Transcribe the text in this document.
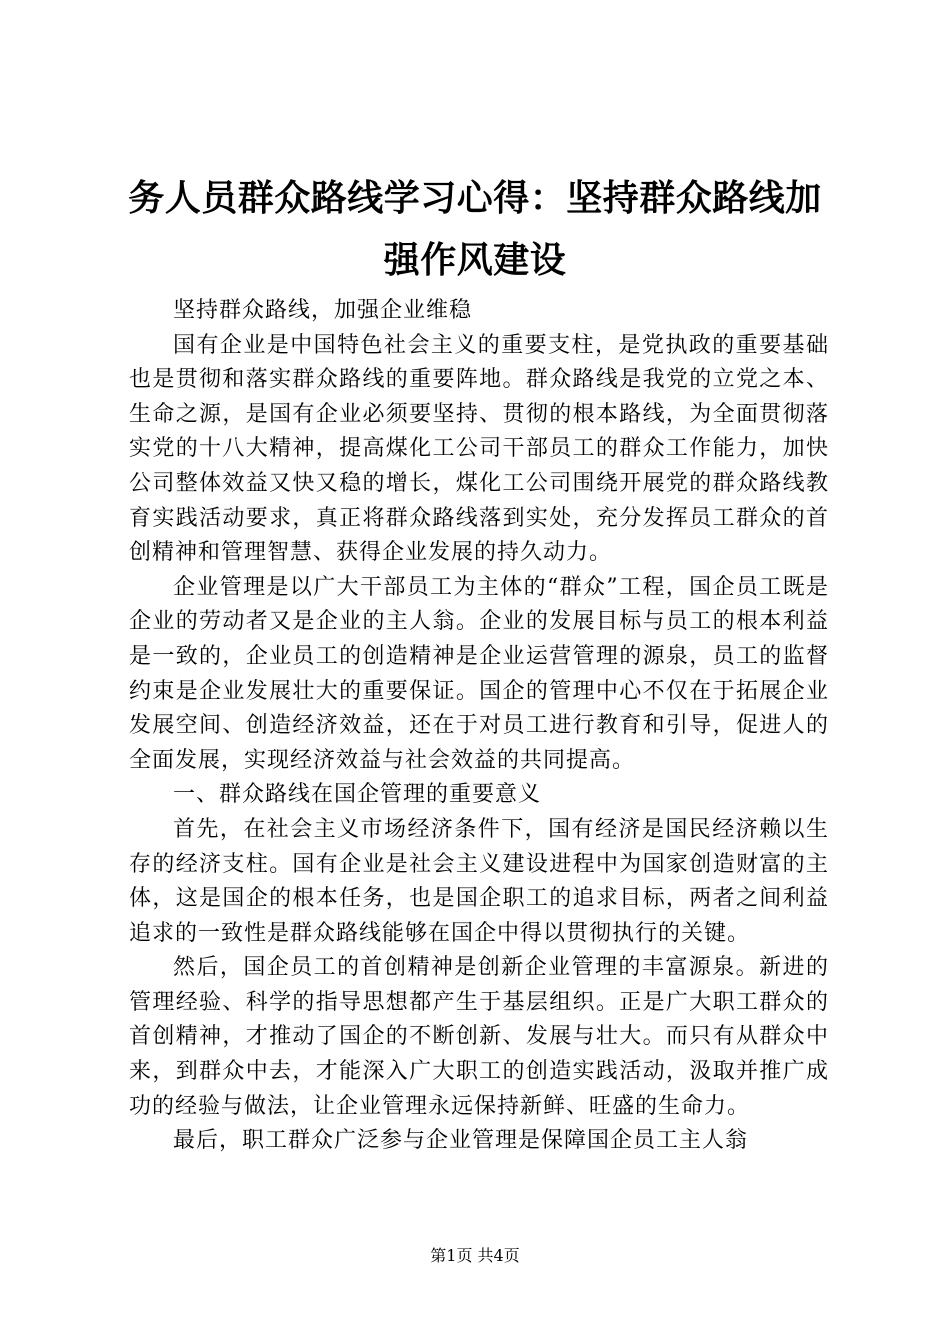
务人员群众路线学习心得：坚持群众路线加强作风建设

坚持群众路线，加强企业维稳

国有企业是中国特色社会主义的重要支柱，是党执政的重要基础也是贯彻和落实群众路线的重要阵地。群众路线是我党的立党之本、生命之源，是国有企业必须要坚持、贯彻的根本路线，为全面贯彻落实党的十八大精神，提高煤化工公司干部员工的群众工作能力，加快公司整体效益又快又稳的增长，煤化工公司围绕开展党的群众路线教育实践活动要求，真正将群众路线落到实处，充分发挥员工群众的首创精神和管理智慧、获得企业发展的持久动力。

企业管理是以广大干部员工为主体的“群众”工程，国企员工既是企业的劳动者又是企业的主人翁。企业的发展目标与员工的根本利益是一致的，企业员工的创造精神是企业运营管理的源泉，员工的监督约束是企业发展壮大的重要保证。国企的管理中心不仅在于拓展企业发展空间、创造经济效益，还在于对员工进行教育和引导，促进人的全面发展，实现经济效益与社会效益的共同提高。

一、群众路线在国企管理的重要意义

首先，在社会主义市场经济条件下，国有经济是国民经济赖以生存的经济支柱。国有企业是社会主义建设进程中为国家创造财富的主体，这是国企的根本任务，也是国企职工的追求目标，两者之间利益追求的一致性是群众路线能够在国企中得以贯彻执行的关键。

然后，国企员工的首创精神是创新企业管理的丰富源泉。新进的管理经验、科学的指导思想都产生于基层组织。正是广大职工群众的首创精神，才推动了国企的不断创新、发展与壮大。而只有从群众中来，到群众中去，才能深入广大职工的创造实践活动，汲取并推广成功的经验与做法，让企业管理永远保持新鲜、旺盛的生命力。

最后，职工群众广泛参与企业管理是保障国企员工主人翁

第1页 共4页
